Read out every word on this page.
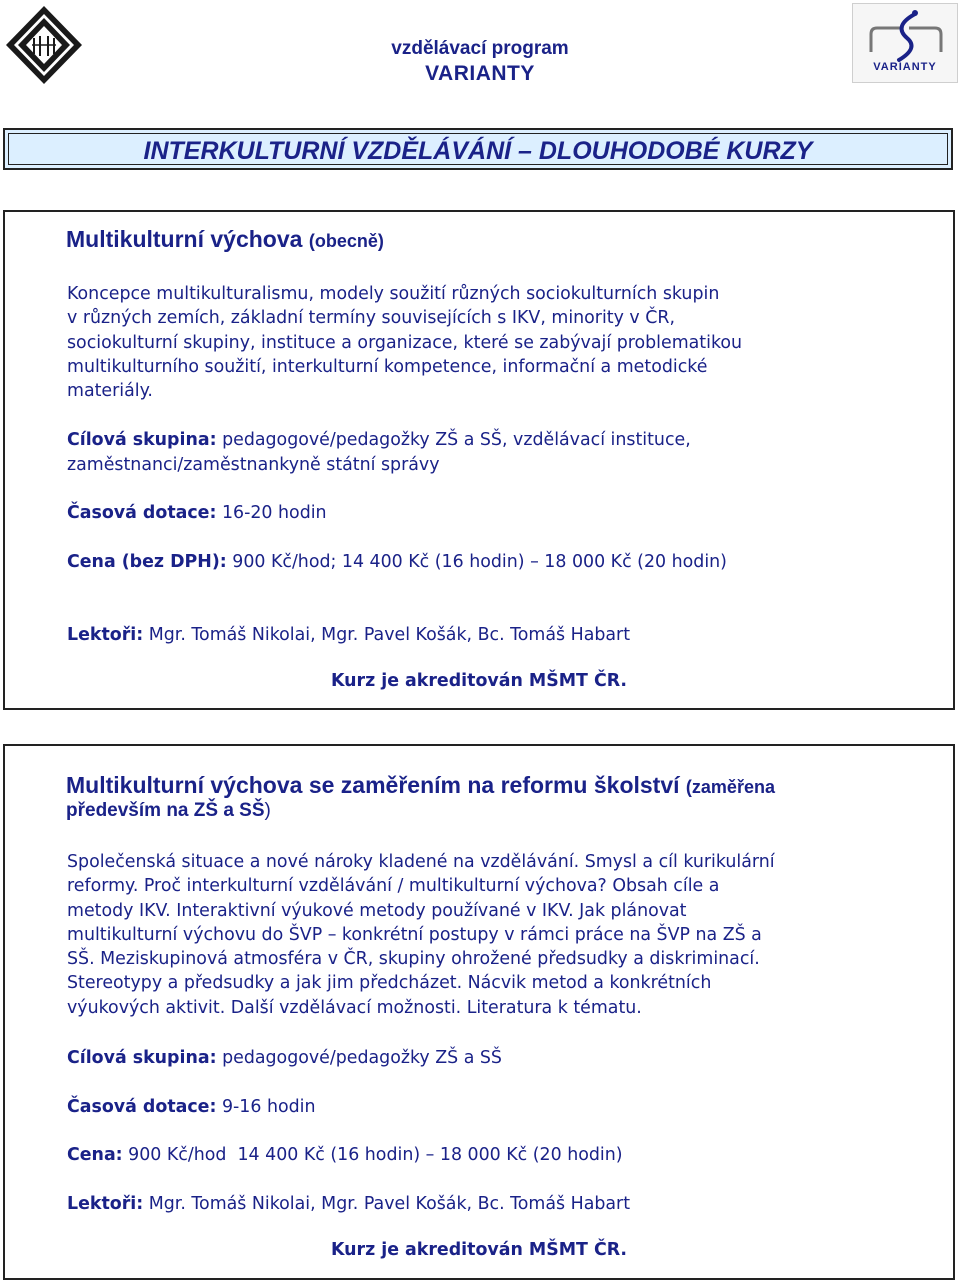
vzdělávací program
VARIANTY	VARIANTY
INTERKULTURNÍ VZDĚLÁVÁNÍ – DLOUHODOBÉ KURZY
Multikulturní výchova (obecně)
Koncepce multikulturalismu, modely soužití různých sociokulturních skupin
v různých zemích, základní termíny souvisejících s IKV, minority v ČR,
sociokulturní skupiny, instituce a organizace, které se zabývají problematikou
multikulturního soužití, interkulturní kompetence, informační a metodické
materiály.
Cílová skupina: pedagogové/pedagožky ZŠ a SŠ, vzdělávací instituce,
zaměstnanci/zaměstnankyně státní správy
Časová dotace: 16-20 hodin
Cena (bez DPH): 900 Kč/hod; 14 400 Kč (16 hodin) – 18 000 Kč (20 hodin)
Lektoři: Mgr. Tomáš Nikolai, Mgr. Pavel Košák, Bc. Tomáš Habart
Kurz je akreditován MŠMT ČR.
Multikulturní výchova se zaměřením na reformu školství (zaměřena
především na ZŠ a SŠ)
Společenská situace a nové nároky kladené na vzdělávání. Smysl a cíl kurikulární
reformy. Proč interkulturní vzdělávání / multikulturní výchova? Obsah cíle a
metody IKV. Interaktivní výukové metody používané v IKV. Jak plánovat
multikulturní výchovu do ŠVP – konkrétní postupy v rámci práce na ŠVP na ZŠ a
SŠ. Meziskupinová atmosféra v ČR, skupiny ohrožené předsudky a diskriminací.
Stereotypy a předsudky a jak jim předcházet. Nácvik metod a konkrétních
výukových aktivit. Další vzdělávací možnosti. Literatura k tématu.
Cílová skupina: pedagogové/pedagožky ZŠ a SŠ
Časová dotace: 9-16 hodin
Cena: 900 Kč/hod  14 400 Kč (16 hodin) – 18 000 Kč (20 hodin)
Lektoři: Mgr. Tomáš Nikolai, Mgr. Pavel Košák, Bc. Tomáš Habart
Kurz je akreditován MŠMT ČR.
